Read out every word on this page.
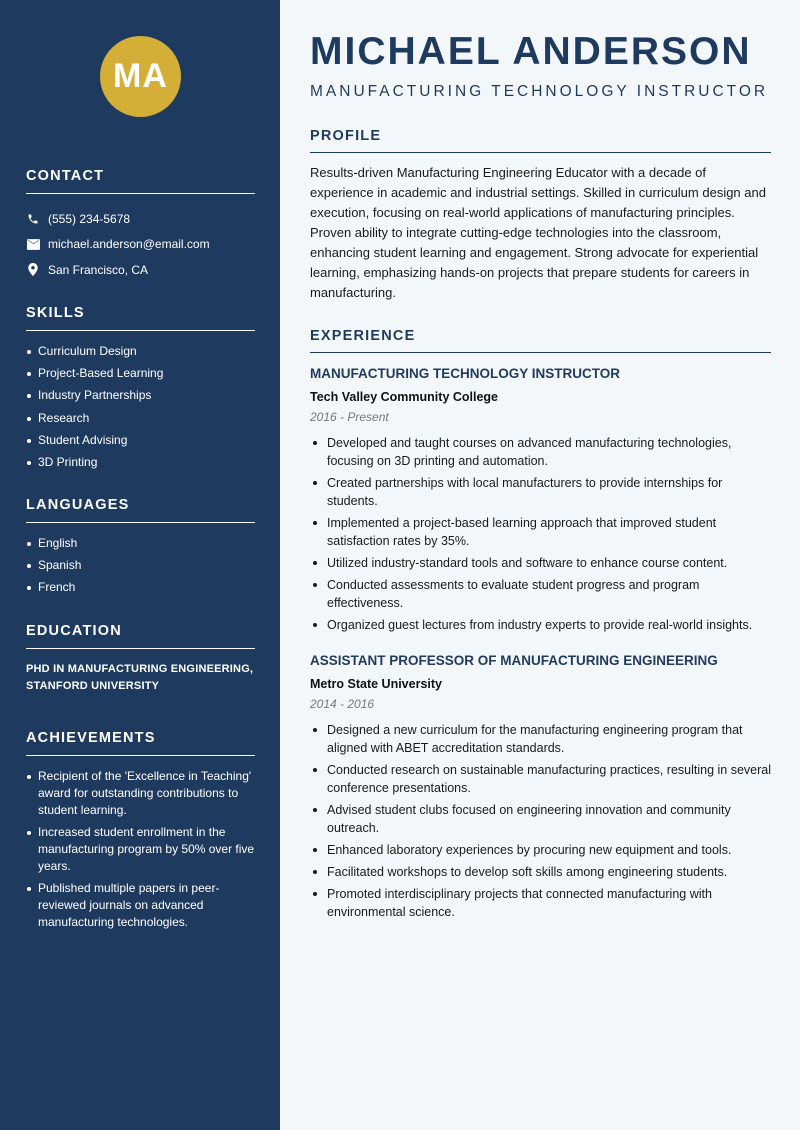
MA
CONTACT
(555) 234-5678
michael.anderson@email.com
San Francisco, CA
SKILLS
Curriculum Design
Project-Based Learning
Industry Partnerships
Research
Student Advising
3D Printing
LANGUAGES
English
Spanish
French
EDUCATION
PHD IN MANUFACTURING ENGINEERING,
STANFORD UNIVERSITY
ACHIEVEMENTS
Recipient of the 'Excellence in Teaching' award for outstanding contributions to student learning.
Increased student enrollment in the manufacturing program by 50% over five years.
Published multiple papers in peer-reviewed journals on advanced manufacturing technologies.
MICHAEL ANDERSON
MANUFACTURING TECHNOLOGY INSTRUCTOR
PROFILE
Results-driven Manufacturing Engineering Educator with a decade of experience in academic and industrial settings. Skilled in curriculum design and execution, focusing on real-world applications of manufacturing principles. Proven ability to integrate cutting-edge technologies into the classroom, enhancing student learning and engagement. Strong advocate for experiential learning, emphasizing hands-on projects that prepare students for careers in manufacturing.
EXPERIENCE
MANUFACTURING TECHNOLOGY INSTRUCTOR
Tech Valley Community College
2016 - Present
Developed and taught courses on advanced manufacturing technologies, focusing on 3D printing and automation.
Created partnerships with local manufacturers to provide internships for students.
Implemented a project-based learning approach that improved student satisfaction rates by 35%.
Utilized industry-standard tools and software to enhance course content.
Conducted assessments to evaluate student progress and program effectiveness.
Organized guest lectures from industry experts to provide real-world insights.
ASSISTANT PROFESSOR OF MANUFACTURING ENGINEERING
Metro State University
2014 - 2016
Designed a new curriculum for the manufacturing engineering program that aligned with ABET accreditation standards.
Conducted research on sustainable manufacturing practices, resulting in several conference presentations.
Advised student clubs focused on engineering innovation and community outreach.
Enhanced laboratory experiences by procuring new equipment and tools.
Facilitated workshops to develop soft skills among engineering students.
Promoted interdisciplinary projects that connected manufacturing with environmental science.
